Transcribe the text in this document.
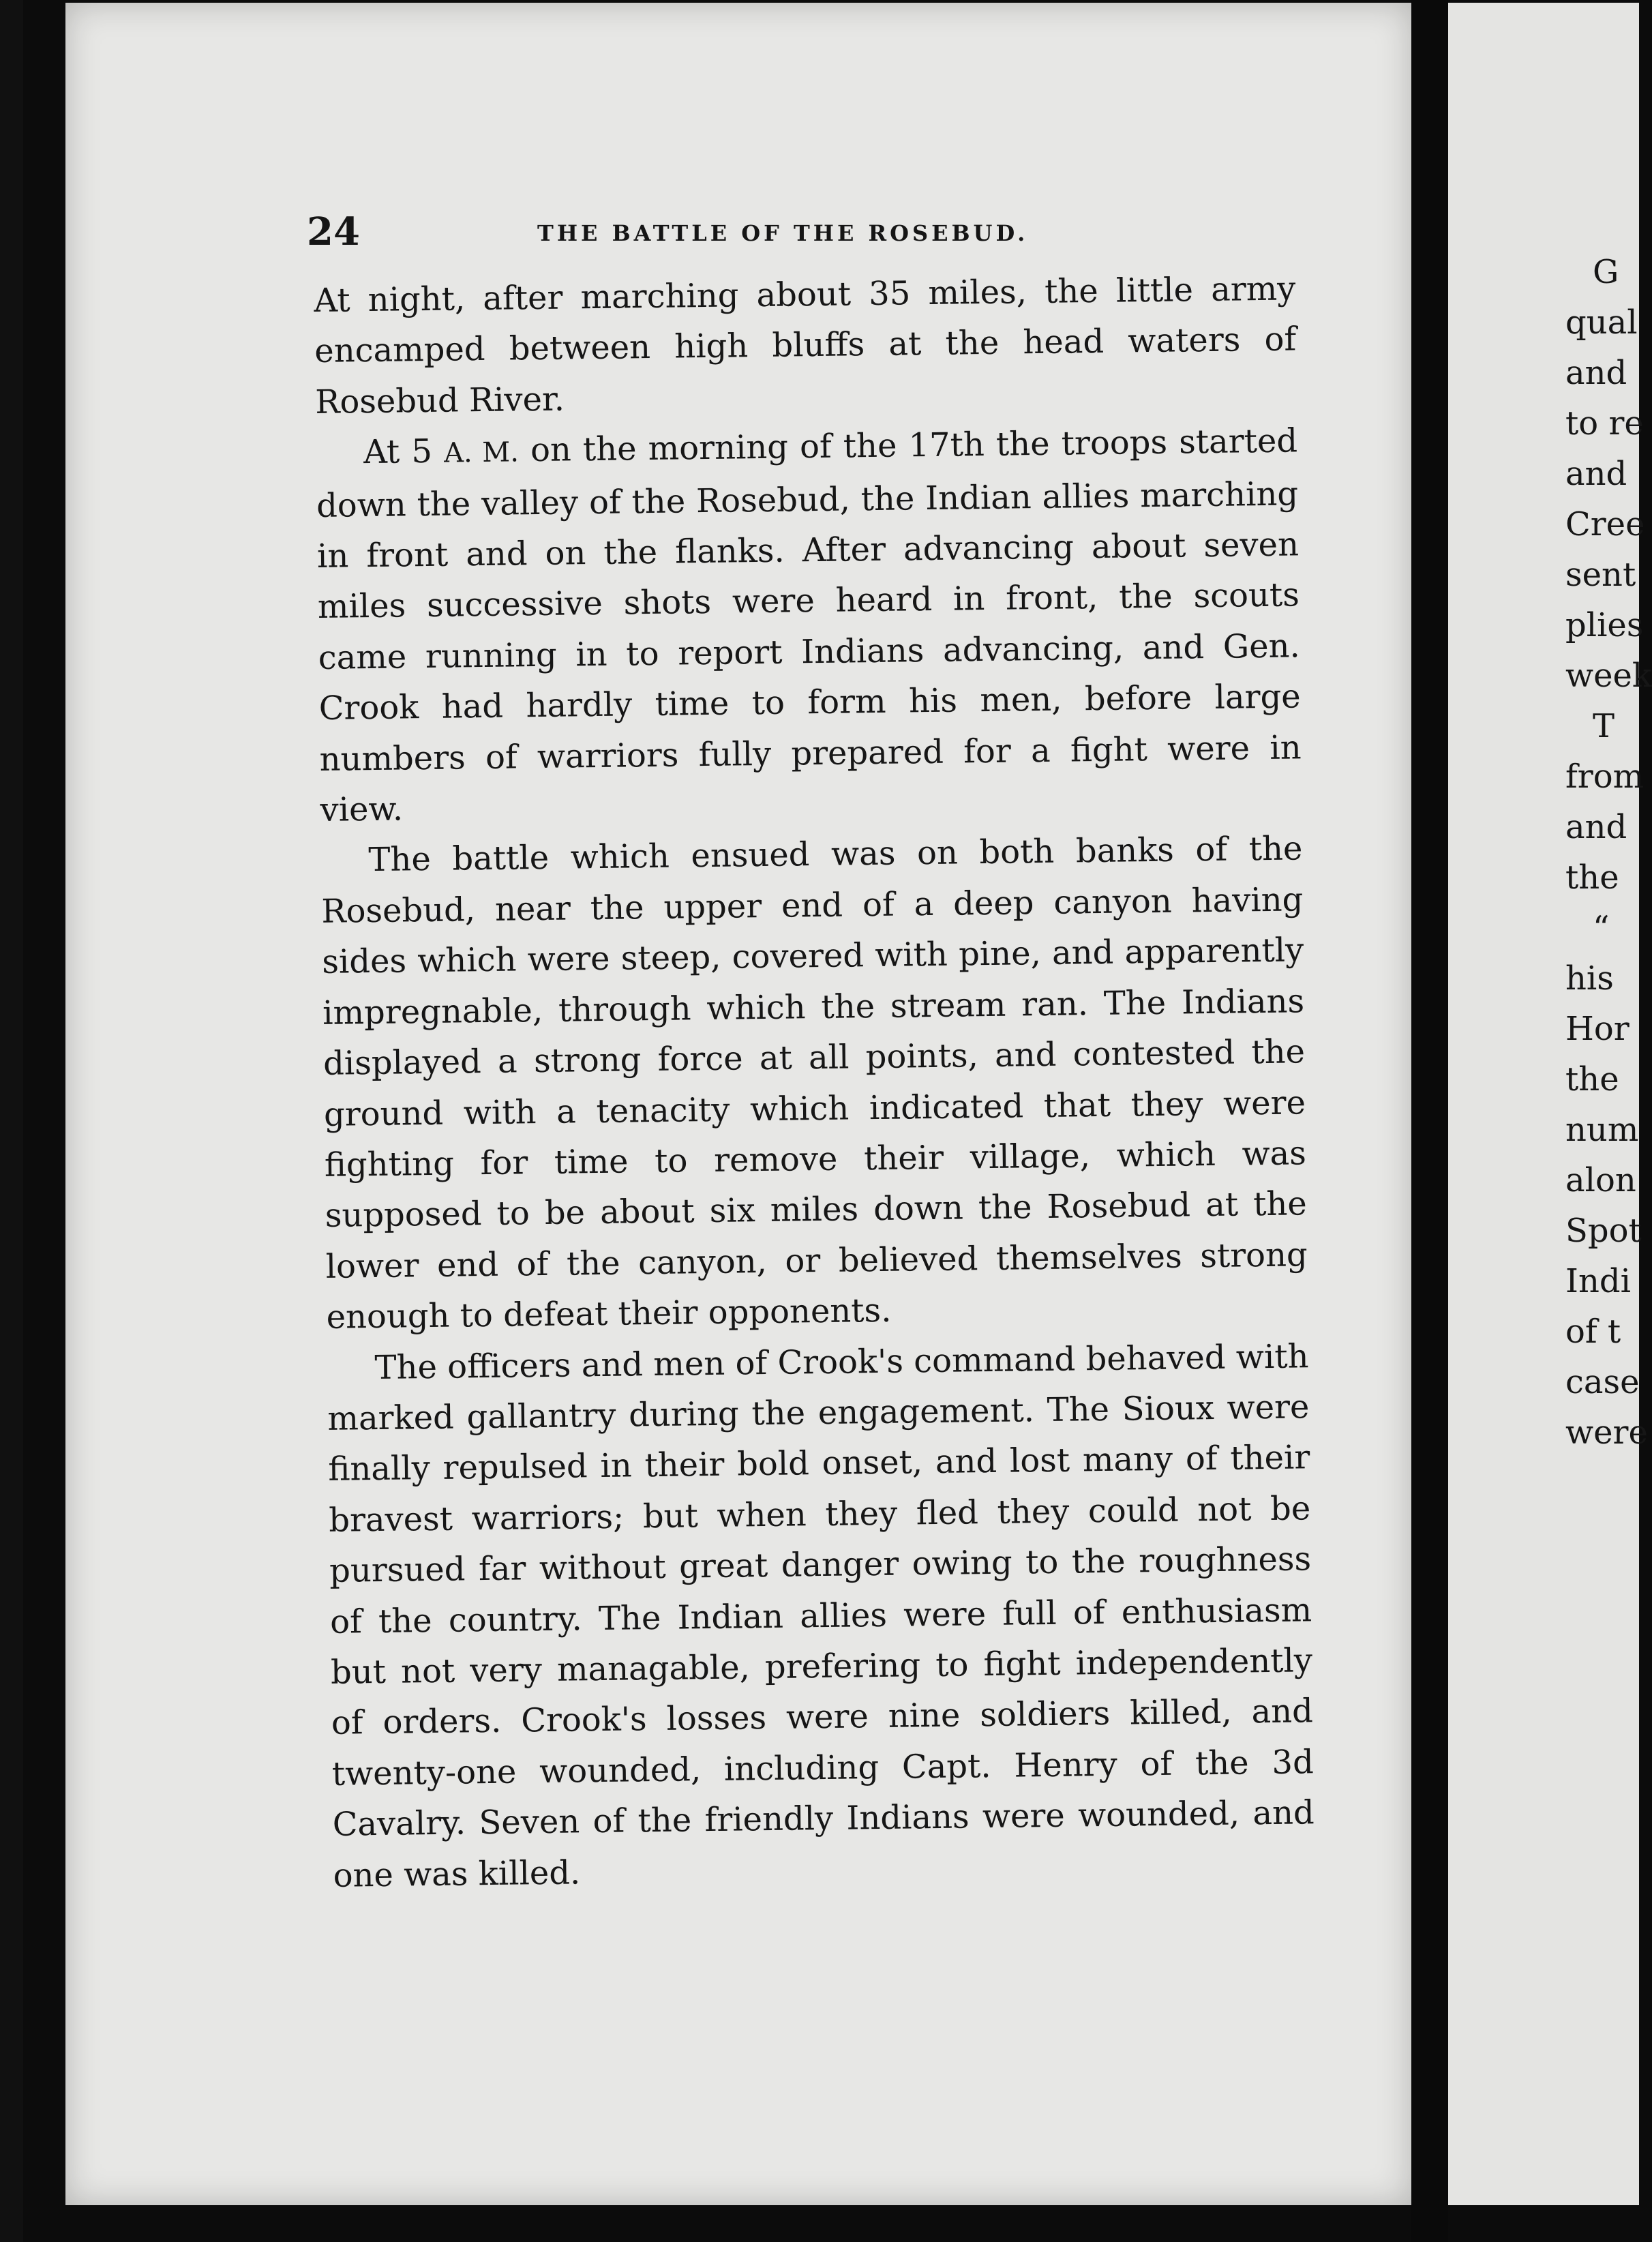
24	THE BATTLE OF THE ROSEBUD.

At night, after marching about 35 miles, the little army encamped between high bluffs at the head waters of Rosebud River.

At 5 A. M. on the morning of the 17th the troops started down the valley of the Rosebud, the Indian allies marching in front and on the flanks. After advancing about seven miles successive shots were heard in front, the scouts came running in to report Indians advancing, and Gen. Crook had hardly time to form his men, before large numbers of warriors fully prepared for a fight were in view.

The battle which ensued was on both banks of the Rosebud, near the upper end of a deep canyon having sides which were steep, covered with pine, and apparently impregnable, through which the stream ran. The Indians displayed a strong force at all points, and contested the ground with a tenacity which indicated that they were fighting for time to remove their village, which was supposed to be about six miles down the Rosebud at the lower end of the canyon, or believed themselves strong enough to defeat their opponents.

The officers and men of Crook's command behaved with marked gallantry during the engagement. The Sioux were finally repulsed in their bold onset, and lost many of their bravest warriors; but when they fled they could not be pursued far without great danger owing to the roughness of the country. The Indian allies were full of enthusiasm but not very managable, prefering to fight independently of orders. Crook's losses were nine soldiers killed, and twenty-one wounded, including Capt. Henry of the 3d Cavalry. Seven of the friendly Indians were wounded, and one was killed.

G
qual
and
to re
and
Cree
sent
plies
week
T
from
and
the
“
his
Hor
the
num
alon
Spot
Indi
of t
case
were
